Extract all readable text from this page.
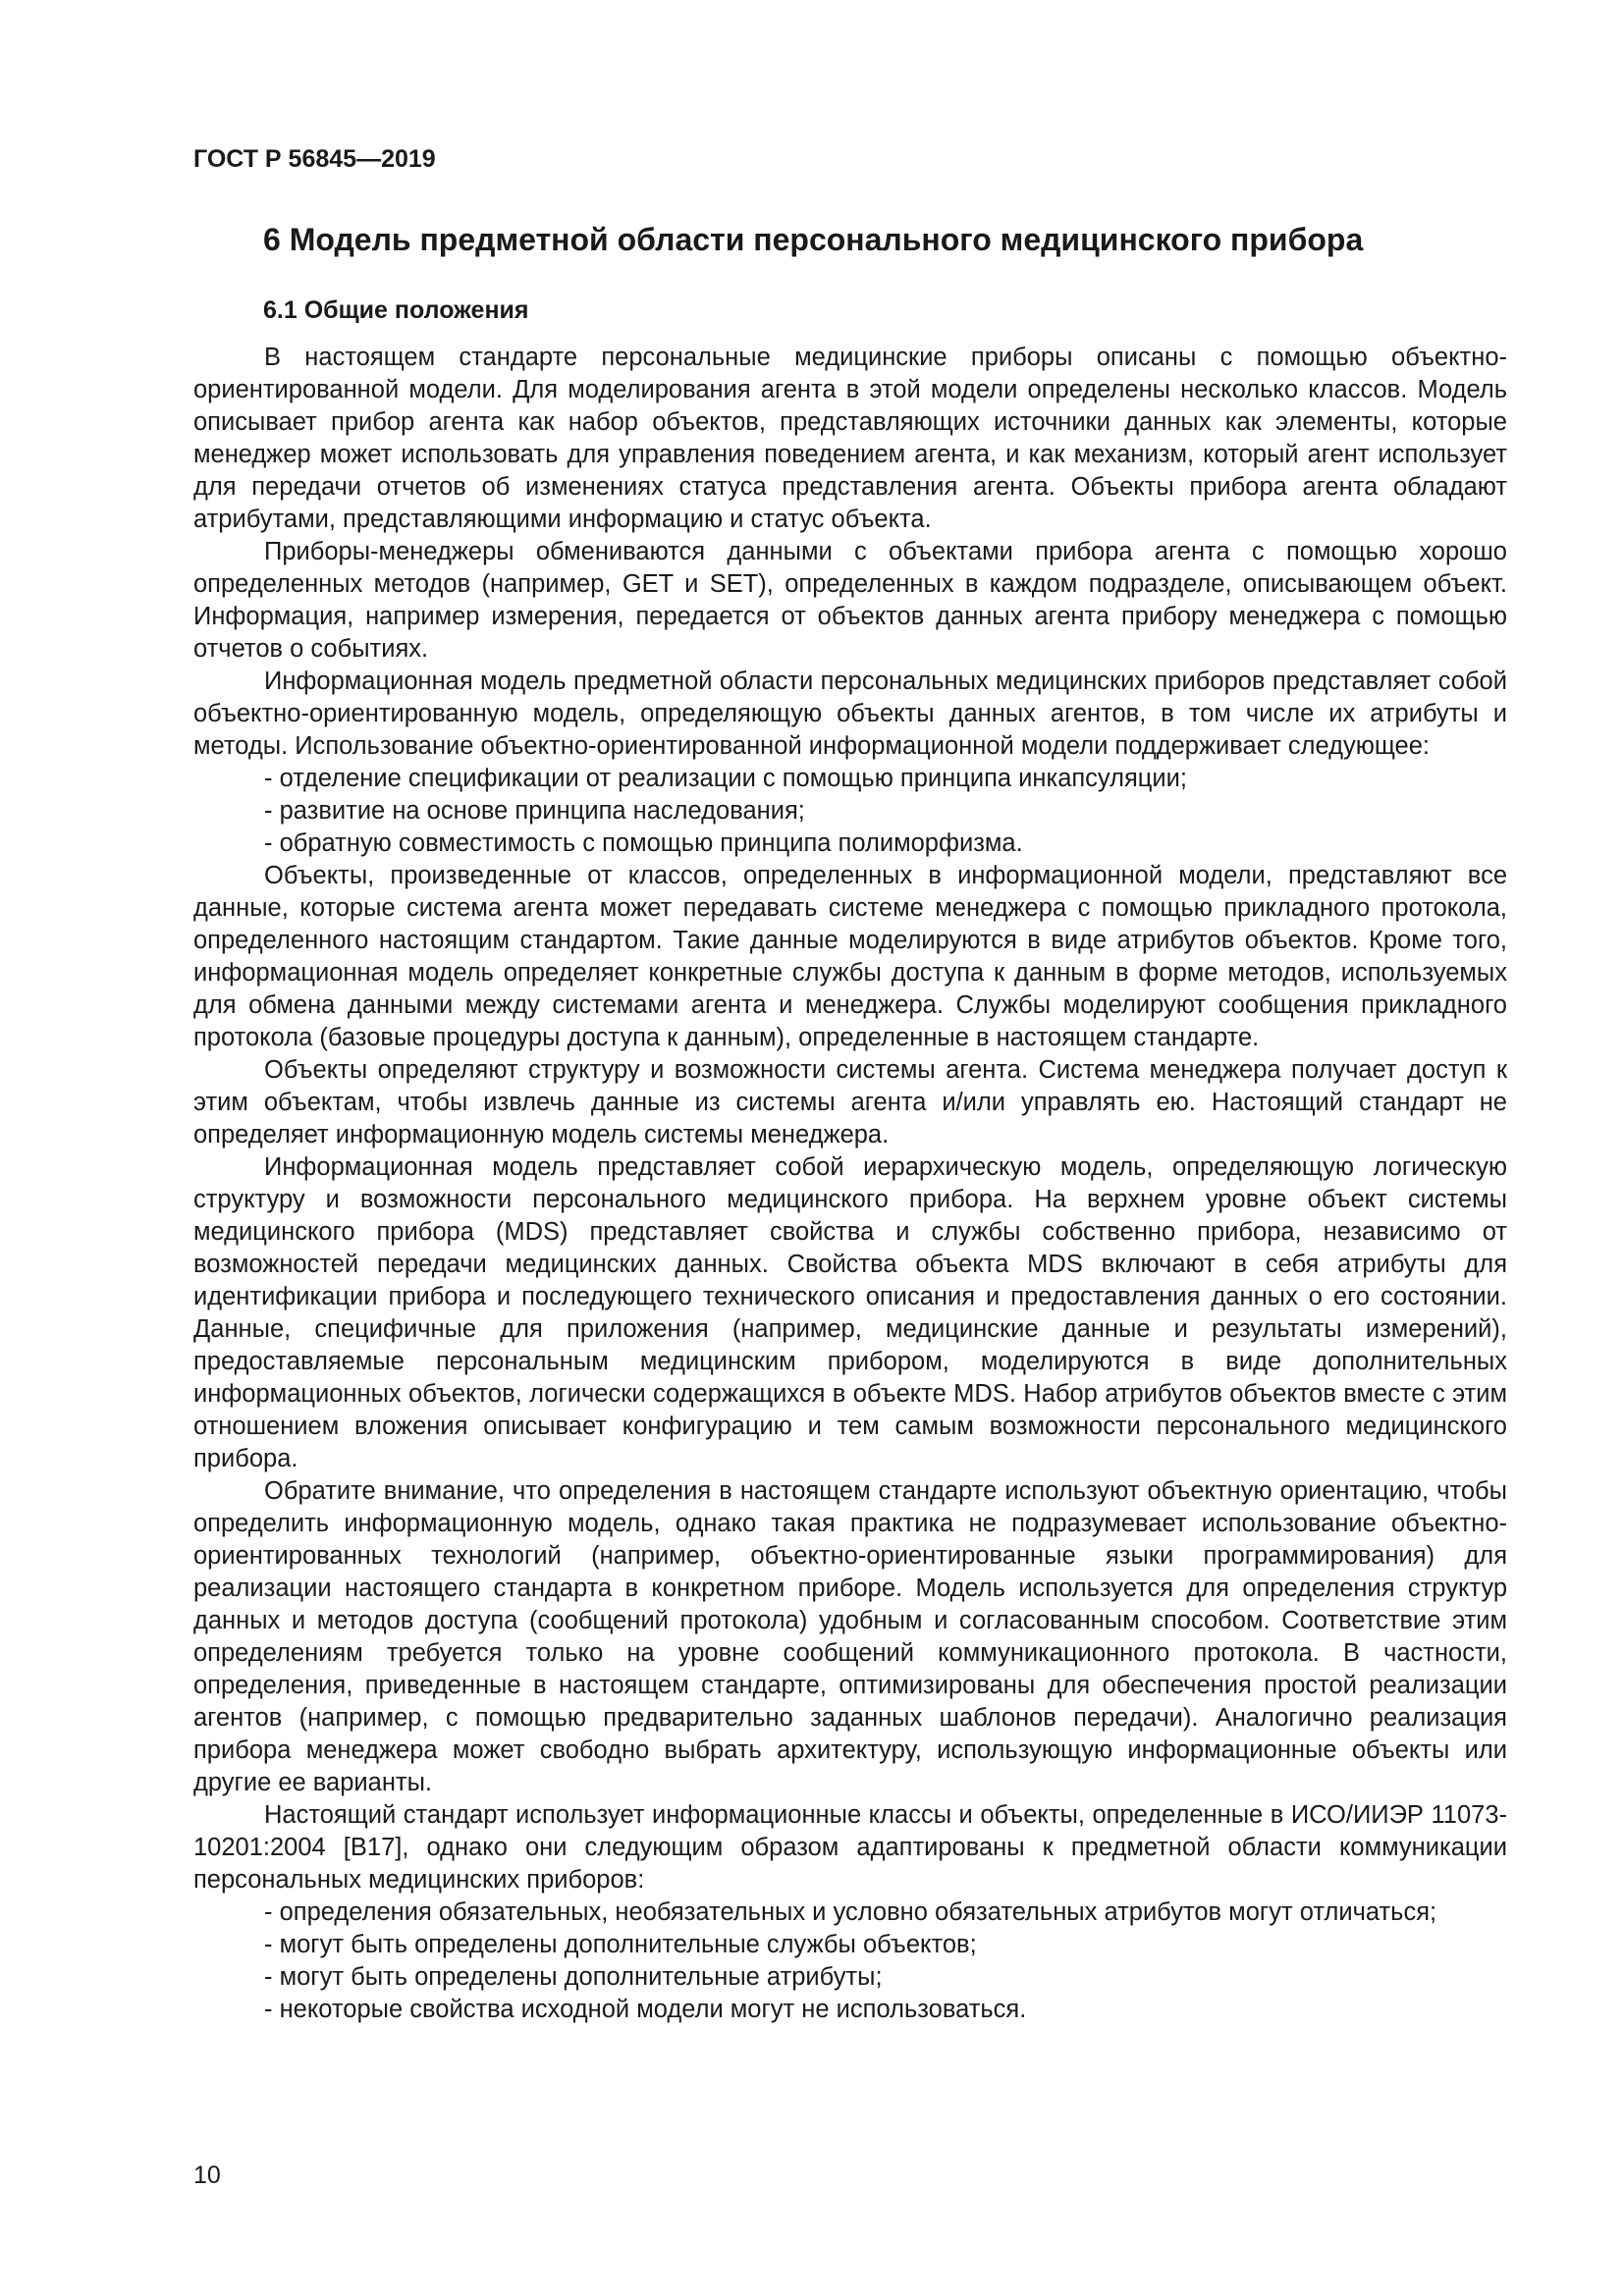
ГОСТ Р 56845—2019
6 Модель предметной области персонального медицинского прибора
6.1 Общие положения

В настоящем стандарте персональные медицинские приборы описаны с помощью объектно-ориентированной модели. Для моделирования агента в этой модели определены несколько классов. Модель описывает прибор агента как набор объектов, представляющих источники данных как элементы, которые менеджер может использовать для управления поведением агента, и как механизм, который агент использует для передачи отчетов об изменениях статуса представления агента. Объекты прибора агента обладают атрибутами, представляющими информацию и статус объекта.

Приборы-менеджеры обмениваются данными с объектами прибора агента с помощью хорошо определенных методов (например, GET и SET), определенных в каждом подразделе, описывающем объект. Информация, например измерения, передается от объектов данных агента прибору менеджера с помощью отчетов о событиях.

Информационная модель предметной области персональных медицинских приборов представляет собой объектно-ориентированную модель, определяющую объекты данных агентов, в том числе их атрибуты и методы. Использование объектно-ориентированной информационной модели поддерживает следующее:

- отделение спецификации от реализации с помощью принципа инкапсуляции;
- развитие на основе принципа наследования;
- обратную совместимость с помощью принципа полиморфизма.

Объекты, произведенные от классов, определенных в информационной модели, представляют все данные, которые система агента может передавать системе менеджера с помощью прикладного протокола, определенного настоящим стандартом. Такие данные моделируются в виде атрибутов объектов. Кроме того, информационная модель определяет конкретные службы доступа к данным в форме методов, используемых для обмена данными между системами агента и менеджера. Службы моделируют сообщения прикладного протокола (базовые процедуры доступа к данным), определенные в настоящем стандарте.

Объекты определяют структуру и возможности системы агента. Система менеджера получает доступ к этим объектам, чтобы извлечь данные из системы агента и/или управлять ею. Настоящий стандарт не определяет информационную модель системы менеджера.

Информационная модель представляет собой иерархическую модель, определяющую логическую структуру и возможности персонального медицинского прибора. На верхнем уровне объект системы медицинского прибора (MDS) представляет свойства и службы собственно прибора, независимо от возможностей передачи медицинских данных. Свойства объекта MDS включают в себя атрибуты для идентификации прибора и последующего технического описания и предоставления данных о его состоянии. Данные, специфичные для приложения (например, медицинские данные и результаты измерений), предоставляемые персональным медицинским прибором, моделируются в виде дополнительных информационных объектов, логически содержащихся в объекте MDS. Набор атрибутов объектов вместе с этим отношением вложения описывает конфигурацию и тем самым возможности персонального медицинского прибора.

Обратите внимание, что определения в настоящем стандарте используют объектную ориентацию, чтобы определить информационную модель, однако такая практика не подразумевает использование объектно-ориентированных технологий (например, объектно-ориентированные языки программирования) для реализации настоящего стандарта в конкретном приборе. Модель используется для определения структур данных и методов доступа (сообщений протокола) удобным и согласованным способом. Соответствие этим определениям требуется только на уровне сообщений коммуникационного протокола. В частности, определения, приведенные в настоящем стандарте, оптимизированы для обеспечения простой реализации агентов (например, с помощью предварительно заданных шаблонов передачи). Аналогично реализация прибора менеджера может свободно выбрать архитектуру, использующую информационные объекты или другие ее варианты.

Настоящий стандарт использует информационные классы и объекты, определенные в ИСО/ИИЭР 11073-10201:2004 [B17], однако они следующим образом адаптированы к предметной области коммуникации персональных медицинских приборов:

- определения обязательных, необязательных и условно обязательных атрибутов могут отличаться;
- могут быть определены дополнительные службы объектов;
- могут быть определены дополнительные атрибуты;
- некоторые свойства исходной модели могут не использоваться.
10
